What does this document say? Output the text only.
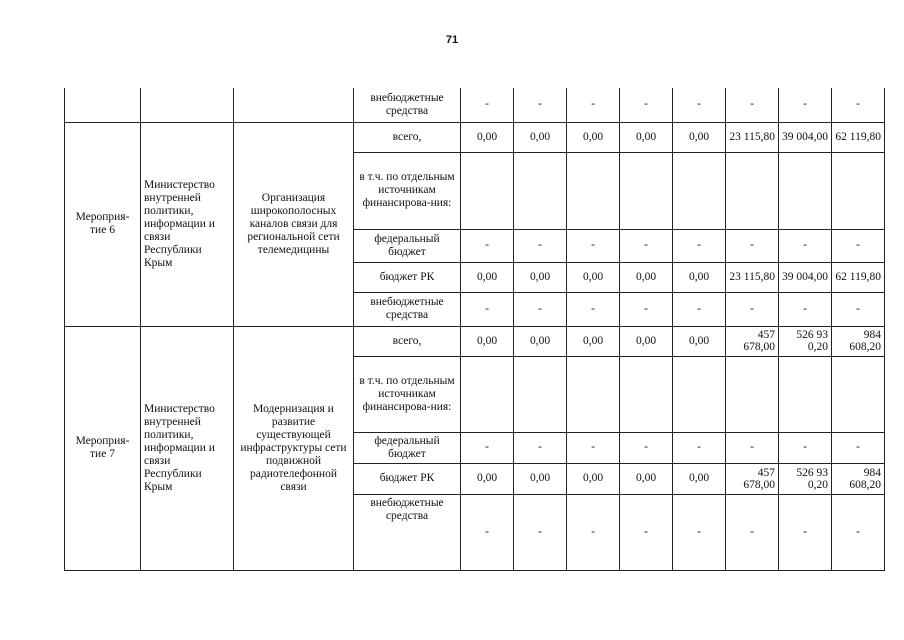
71
			внебюджетные средства	-	-	-	-	-	-	-	-
Мероприя-тие 6	Министерство внутренней политики, информации и связи Республики Крым	Организация широкополосных каналов связи для региональной сети телемедицины	всего,	0,00	0,00	0,00	0,00	0,00	23 115,80	39 004,00	62 119,80
			в т.ч. по отдельным источникам финансирова-ния:								
			федеральный бюджет	-	-	-	-	-	-	-	-
			бюджет РК	0,00	0,00	0,00	0,00	0,00	23 115,80	39 004,00	62 119,80
			внебюджетные средства	-	-	-	-	-	-	-	-
Мероприя-тие 7	Министерство внутренней политики, информации и связи Республики Крым	Модернизация и развитие существующей инфраструктуры сети подвижной радиотелефонной связи	всего,	0,00	0,00	0,00	0,00	0,00	457 678,00	526 93 0,20	984 608,20
			в т.ч. по отдельным источникам финансирова-ния:								
			федеральный бюджет	-	-	-	-	-	-	-	-
			бюджет РК	0,00	0,00	0,00	0,00	0,00	457 678,00	526 93 0,20	984 608,20
			внебюджетные средства	-	-	-	-	-	-	-	-
